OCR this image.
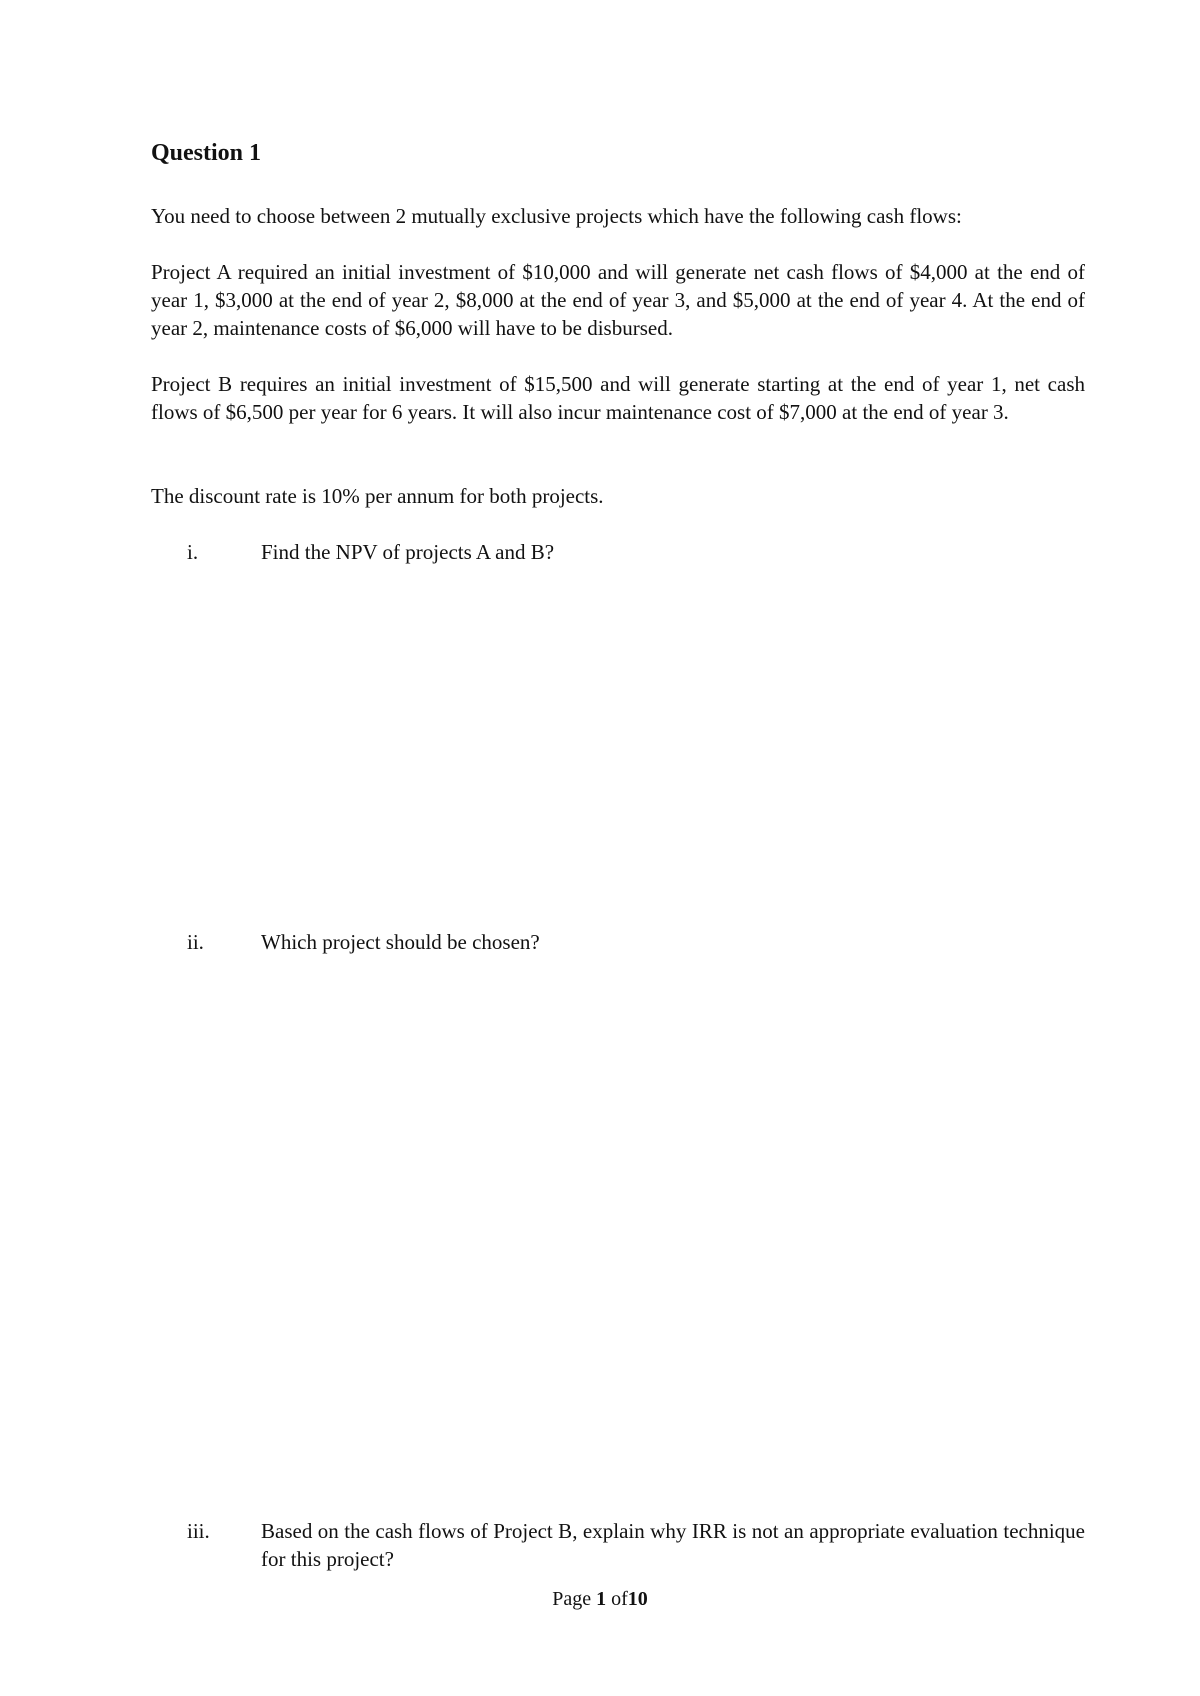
Question 1

You need to choose between 2 mutually exclusive projects which have the following cash flows:

Project A required an initial investment of $10,000 and will generate net cash flows of $4,000 at the end of year 1, $3,000 at the end of year 2, $8,000 at the end of year 3, and $5,000 at the end of year 4. At the end of year 2, maintenance costs of $6,000 will have to be disbursed.

Project B requires an initial investment of $15,500 and will generate starting at the end of year 1, net cash flows of $6,500 per year for 6 years. It will also incur maintenance cost of $7,000 at the end of year 3.

The discount rate is 10% per annum for both projects.

i.	Find the NPV of projects A and B?
ii.	Which project should be chosen?
iii. Based on the cash flows of Project B, explain why IRR is not an appropriate evaluation technique for this project?
Page 1 of10
